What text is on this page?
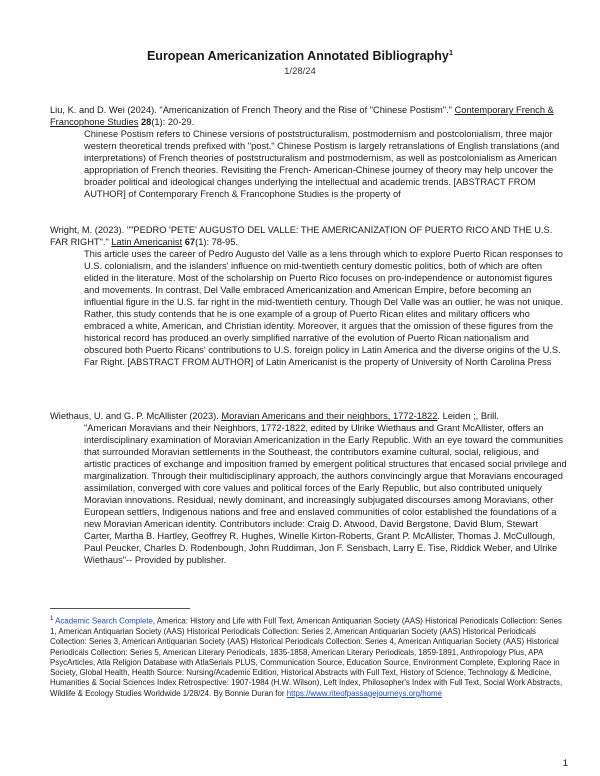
European Americanization Annotated Bibliography$^1$
1/28/24

Liu, K. and D. Wei (2024). "Americanization of French Theory and the Rise of "Chinese Postism"." Contemporary French & Francophone Studies 28(1): 20-29.

Chinese Postism refers to Chinese versions of poststructuralism, postmodernism and postcolonialism, three major western theoretical trends prefixed with "post." Chinese Postism is largely retranslations of English translations (and interpretations) of French theories of poststructuralism and postmodernism, as well as postcolonialism as American appropriation of French theories. Revisiting the French- American-Chinese journey of theory may help uncover the broader political and ideological changes underlying the intellectual and academic trends. [ABSTRACT FROM AUTHOR] of Contemporary French & Francophone Studies is the property of

Wright, M. (2023). ""PEDRO 'PETE' AUGUSTO DEL VALLE: THE AMERICANIZATION OF PUERTO RICO AND THE U.S. FAR RIGHT"." Latin Americanist 67(1): 78-95.

This article uses the career of Pedro Augusto del Valle as a lens through which to explore Puerto Rican responses to U.S. colonialism, and the islanders' influence on mid-twentieth century domestic politics, both of which are often elided in the literature. Most of the scholarship on Puerto Rico focuses on pro-independence or autonomist figures and movements. In contrast, Del Valle embraced Americanization and American Empire, before becoming an influential figure in the U.S. far right in the mid-twentieth century. Though Del Valle was an outlier, he was not unique. Rather, this study contends that he is one example of a group of Puerto Rican elites and military officers who embraced a white, American, and Christian identity. Moreover, it argues that the omission of these figures from the historical record has produced an overly simplified narrative of the evolution of Puerto Rican nationalism and obscured both Puerto Ricans' contributions to U.S. foreign policy in Latin America and the diverse origins of the U.S. Far Right. [ABSTRACT FROM AUTHOR] of Latin Americanist is the property of University of North Carolina Press

Wiethaus, U. and G. P. McAllister (2023). Moravian Americans and their neighbors, 1772-1822. Leiden ;, Brill.

"American Moravians and their Neighbors, 1772-1822, edited by Ulrike Wiethaus and Grant McAllister, offers an interdisciplinary examination of Moravian Americanization in the Early Republic. With an eye toward the communities that surrounded Moravian settlements in the Southeast, the contributors examine cultural, social, religious, and artistic practices of exchange and imposition framed by emergent political structures that encased social privilege and marginalization. Through their multidisciplinary approach, the authors convincingly argue that Moravians encouraged assimilation, converged with core values and political forces of the Early Republic, but also contributed uniquely Moravian innovations. Residual, newly dominant, and increasingly subjugated discourses among Moravians, other European settlers, Indigenous nations and free and enslaved communities of color established the foundations of a new Moravian American identity. Contributors include: Craig D. Atwood, David Bergstone, David Blum, Stewart Carter, Martha B. Hartley, Geoffrey R. Hughes, Winelle Kirton-Roberts, Grant P. McAllister, Thomas J. McCullough, Paul Peucker, Charles D. Rodenbough, John Ruddiman, Jon F. Sensbach, Larry E. Tise, Riddick Weber, and Ulrike Wiethaus"-- Provided by publisher.

$^1$ Academic Search Complete, America: History and Life with Full Text, American Antiquarian Society (AAS) Historical Periodicals Collection: Series 1, American Antiquarian Society (AAS) Historical Periodicals Collection: Series 2, American Antiquarian Society (AAS) Historical Periodicals Collection: Series 3, American Antiquarian Society (AAS) Historical Periodicals Collection: Series 4, American Antiquarian Society (AAS) Historical Periodicals Collection: Series 5, American Literary Periodicals, 1835-1858, American Literary Periodicals, 1859-1891, Anthropology Plus, APA PsycArticles, Atla Religion Database with AtlaSerials PLUS, Communication Source, Education Source, Environment Complete, Exploring Race in Society, Global Health, Health Source: Nursing/Academic Edition, Historical Abstracts with Full Text, History of Science, Technology & Medicine, Humanities & Social Sciences Index Retrospective: 1907-1984 (H.W. Wilson), Left Index, Philosopher's Index with Full Text, Social Work Abstracts, Wildlife & Ecology Studies Worldwide 1/28/24. By Bonnie Duran for https://www.riteofpassagejourneys.org/home
1
